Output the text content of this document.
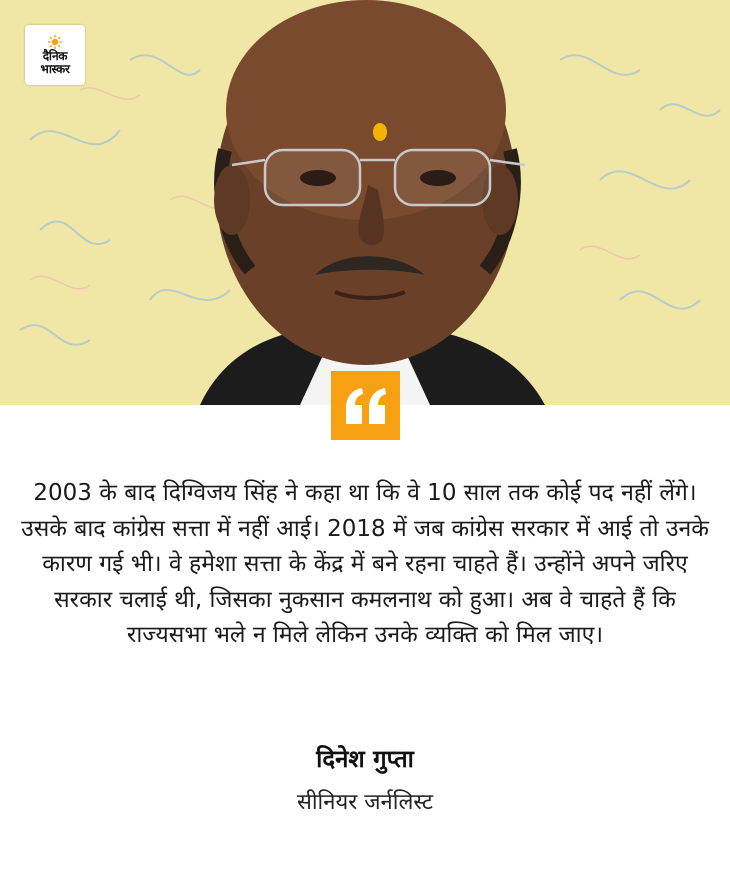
दैनिक
भास्कर
2003 के बाद दिग्विजय सिंह ने कहा था कि वे 10 साल तक कोई पद नहीं लेंगे। उसके बाद कांग्रेस सत्ता में नहीं आई। 2018 में जब कांग्रेस सरकार में आई तो उनके कारण गई भी। वे हमेशा सत्ता के केंद्र में बने रहना चाहते हैं। उन्होंने अपने जरिए सरकार चलाई थी, जिसका नुकसान कमलनाथ को हुआ। अब वे चाहते हैं कि राज्यसभा भले न मिले लेकिन उनके व्यक्ति को मिल जाए।
दिनेश गुप्ता
सीनियर जर्नलिस्ट
